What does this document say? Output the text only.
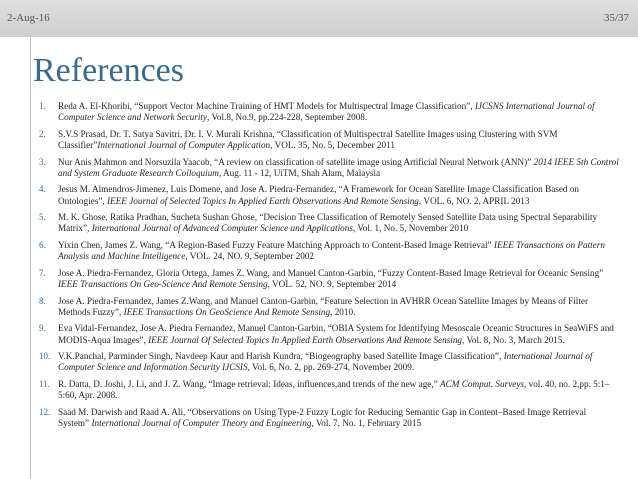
2-Aug-16	35/37
References
1. Reda A. El-Khoribi, “Support Vector Machine Training of HMT Models for Multispectral Image Classification”, IJCSNS International Journal of Computer Science and Network Security, Vol.8, No.9, pp.224-228, September 2008.
2. S.V.S Prasad, Dr. T. Satya Savitri, Dr. I. V. Murali Krishna, “Classification of Multispectral Satellite Images using Clustering with SVM Classifier”International Journal of Computer Application, VOL. 35, No. 5, December 2011
3. Nur Anis Mahmon and Norsuzila Yaacob, “A review on classification of satellite image using Artificial Neural Network (ANN)” 2014 IEEE 5th Control and System Graduate Research Colloquium, Aug. 11 - 12, UiTM, Shah Alam, Malaysia
4. Jesus M. Almendros-Jimenez, Luis Domene, and Jose A. Piedra-Fernandez, “A Framework for Ocean Satellite Image Classification Based on Ontologies”, IEEE Journal of Selected Topics In Applied Earth Observations And Remote Sensing, VOL. 6, NO. 2, APRIL 2013
5. M. K. Ghose, Ratika Pradhan, Sucheta Sushan Ghose, “Decision Tree Classification of Remotely Sensed Satellite Data using Spectral Separability Matrix”, International Journal of Advanced Computer Science and Applications, Vol. 1, No. 5, November 2010
6. Yixin Chen, James Z. Wang, “A Region-Based Fuzzy Feature Matching Approach to Content-Based Image Retrieval” IEEE Transactions on Pattern Analysis and Machine Intelligence, VOL. 24, NO. 9, September 2002
7. Jose A. Piedra-Fernandez, Gloria Ortega, James Z. Wang, and Manuel Canton-Garbin, “Fuzzy Content-Based Image Retrieval for Oceanic Sensing” IEEE Transactions On Geo-Science And Remote Sensing, VOL. 52, NO. 9, September 2014
8. Jose A. Piedra-Fernandez, James Z.Wang, and Manuel Canton-Garbin, “Feature Selection in AVHRR Ocean Satellite Images by Means of Filter Methods Fuzzy”, IEEE Transactions On GeoScience And Remote Sensing, 2010.
9. Eva Vidal-Fernandez, Jose A. Piedra Fernandez, Manuel Canton-Garbin, “OBIA System for Identifying Mesoscale Oceanic Structures in SeaWiFS and MODIS-Aqua Images”, IEEE Journal Of Selected Topics In Applied Earth Observations And Remote Sensing, Vol. 8, No. 3, March 2015.
10. V.K.Panchal, Parminder Singh, Navdeep Kaur and Harish Kundra, “Biogeography based Satellite Image Classification”, International Journal of Computer Science and Information Security IJCSIS, Vol. 6, No. 2, pp. 269-274, November 2009.
11. R. Datta, D. Joshi, J. Li, and J. Z. Wang, “Image retrieval: Ideas, influences,and trends of the new age,” ACM Comput. Surveys, vol. 40, no. 2,pp. 5:1–5:60, Apr. 2008.
12. Saad M. Darwish and Raad A. Ali, “Observations on Using Type-2 Fuzzy Logic for Reducing Semantic Gap in Content–Based Image Retrieval System” International Journal of Computer Theory and Engineering, Vol. 7, No. 1, February 2015
